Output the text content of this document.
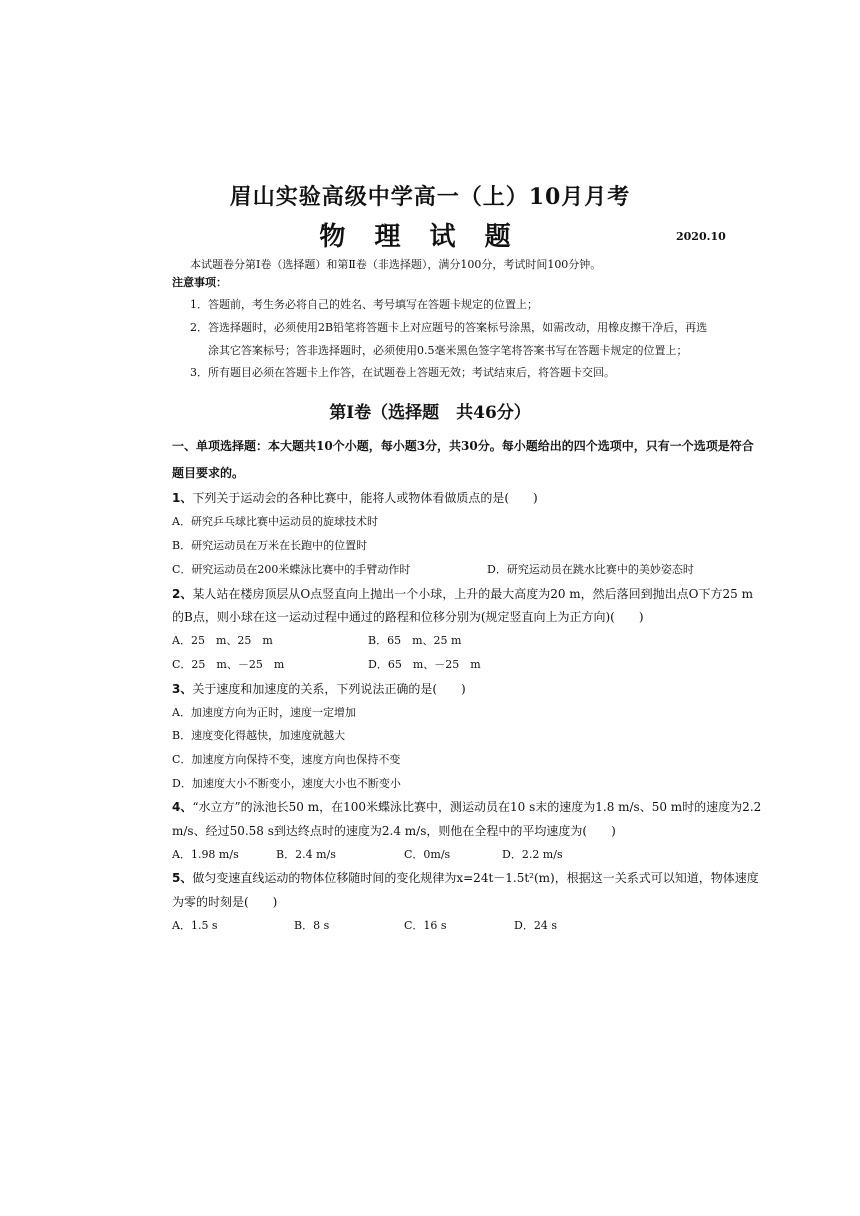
眉山实验高级中学高一（上）10月月考
物 理 试 题	2020.10
本试题卷分第Ⅰ卷（选择题）和第Ⅱ卷（非选择题），满分100分，考试时间100分钟。
注意事项：
1．答题前，考生务必将自己的姓名、考号填写在答题卡规定的位置上；
2．答选择题时，必须使用2B铅笔将答题卡上对应题号的答案标号涂黑，如需改动，用橡皮擦干净后，再选
涂其它答案标号；答非选择题时，必须使用0.5毫米黑色签字笔将答案书写在答题卡规定的位置上；
3．所有题目必须在答题卡上作答，在试题卷上答题无效；考试结束后，将答题卡交回。
第Ⅰ卷（选择题　共46分）
一、单项选择题：本大题共10个小题，每小题3分，共30分。每小题给出的四个选项中，只有一个选项是符合
题目要求的。
1、下列关于运动会的各种比赛中，能将人或物体看做质点的是(　　)
A．研究乒乓球比赛中运动员的旋球技术时
B．研究运动员在万米在长跑中的位置时
C．研究运动员在200米蝶泳比赛中的手臂动作时	D．研究运动员在跳水比赛中的美妙姿态时
2、某人站在楼房顶层从O点竖直向上抛出一个小球，上升的最大高度为20 m，然后落回到抛出点O下方25 m
的B点，则小球在这一运动过程中通过的路程和位移分别为(规定竖直向上为正方向)(　　)
A．25　m、25　m	B．65　m、25 m
C．25　m、－25　m	D．65　m、－25　m
3、关于速度和加速度的关系，下列说法正确的是(　　)
A．加速度方向为正时，速度一定增加
B．速度变化得越快，加速度就越大
C．加速度方向保持不变，速度方向也保持不变
D．加速度大小不断变小，速度大小也不断变小
4、“水立方”的泳池长50 m，在100米蝶泳比赛中，测运动员在10 s末的速度为1.8 m/s、50 m时的速度为2.2
m/s、经过50.58 s到达终点时的速度为2.4 m/s，则他在全程中的平均速度为(　　)
A．1.98 m/s	B．2.4 m/s	C．0m/s	D．2.2 m/s
5、做匀变速直线运动的物体位移随时间的变化规律为x=24t－1.5t²(m)，根据这一关系式可以知道，物体速度
为零的时刻是(　　)
A．1.5 s	B．8 s	C．16 s	D．24 s
